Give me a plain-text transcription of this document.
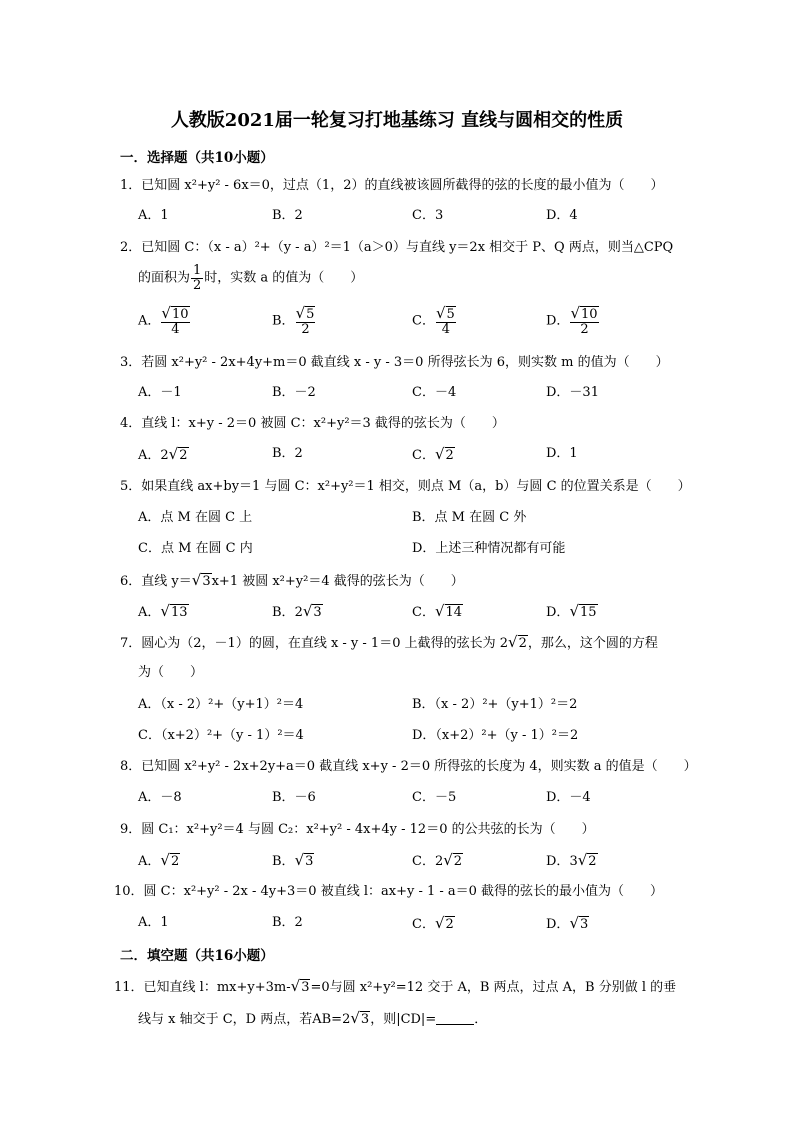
人教版2021届一轮复习打地基练习 直线与圆相交的性质
一．选择题（共10小题）
1．已知圆 x²+y² - 6x＝0，过点（1，2）的直线被该圆所截得的弦的长度的最小值为（　　）
A．1	B．2	C．3	D．4
2．已知圆 C：（x - a）²+（y - a）²＝1（a＞0）与直线 y＝2x 相交于 P、Q 两点，则当△CPQ
的面积为 $\frac{1}{2}$ 时，实数 a 的值为（　　）
A． $\frac{√10}{4}$	B． $\frac{√5}{2}$	C． $\frac{√5}{4}$	D． $\frac{√10}{2}$
3．若圆 x²+y² - 2x+4y+m＝0 截直线 x - y - 3＝0 所得弦长为 6，则实数 m 的值为（　　）
A．－1	B．－2	C．－4	D．－31
4．直线 l：x+y - 2＝0 被圆 C：x²+y²＝3 截得的弦长为（　　）
A．2√2	B．2	C．√2	D．1
5．如果直线 ax+by＝1 与圆 C：x²+y²＝1 相交，则点 M（a，b）与圆 C 的位置关系是（　　）
A．点 M 在圆 C 上	B．点 M 在圆 C 外
C．点 M 在圆 C 内	D．上述三种情况都有可能
6．直线 y＝√3x+1 被圆 x²+y²＝4 截得的弦长为（　　）
A．√13	B．2√3	C．√14	D．√15
7．圆心为（2，－1）的圆，在直线 x - y - 1＝0 上截得的弦长为 2√2，那么，这个圆的方程
为（　　）
A．（x - 2）²+（y+1）²＝4	B．（x - 2）²+（y+1）²＝2
C．（x+2）²+（y - 1）²＝4	D．（x+2）²+（y - 1）²＝2
8．已知圆 x²+y² - 2x+2y+a＝0 截直线 x+y - 2＝0 所得弦的长度为 4，则实数 a 的值是（　　）
A．－8	B．－6	C．－5	D．－4
9．圆 C₁：x²+y²＝4 与圆 C₂：x²+y² - 4x+4y - 12＝0 的公共弦的长为（　　）
A．√2	B．√3	C．2√2	D．3√2
10．圆 C：x²+y² - 2x - 4y+3＝0 被直线 l：ax+y - 1 - a＝0 截得的弦长的最小值为（　　）
A．1	B．2	C．√2	D．√3
二．填空题（共16小题）
11．已知直线 l：mx+y+3m-√3=0与圆 x²+y²=12 交于 A，B 两点，过点 A，B 分别做 l 的垂
线与 x 轴交于 C，D 两点，若AB=2√3，则|CD|=	．
